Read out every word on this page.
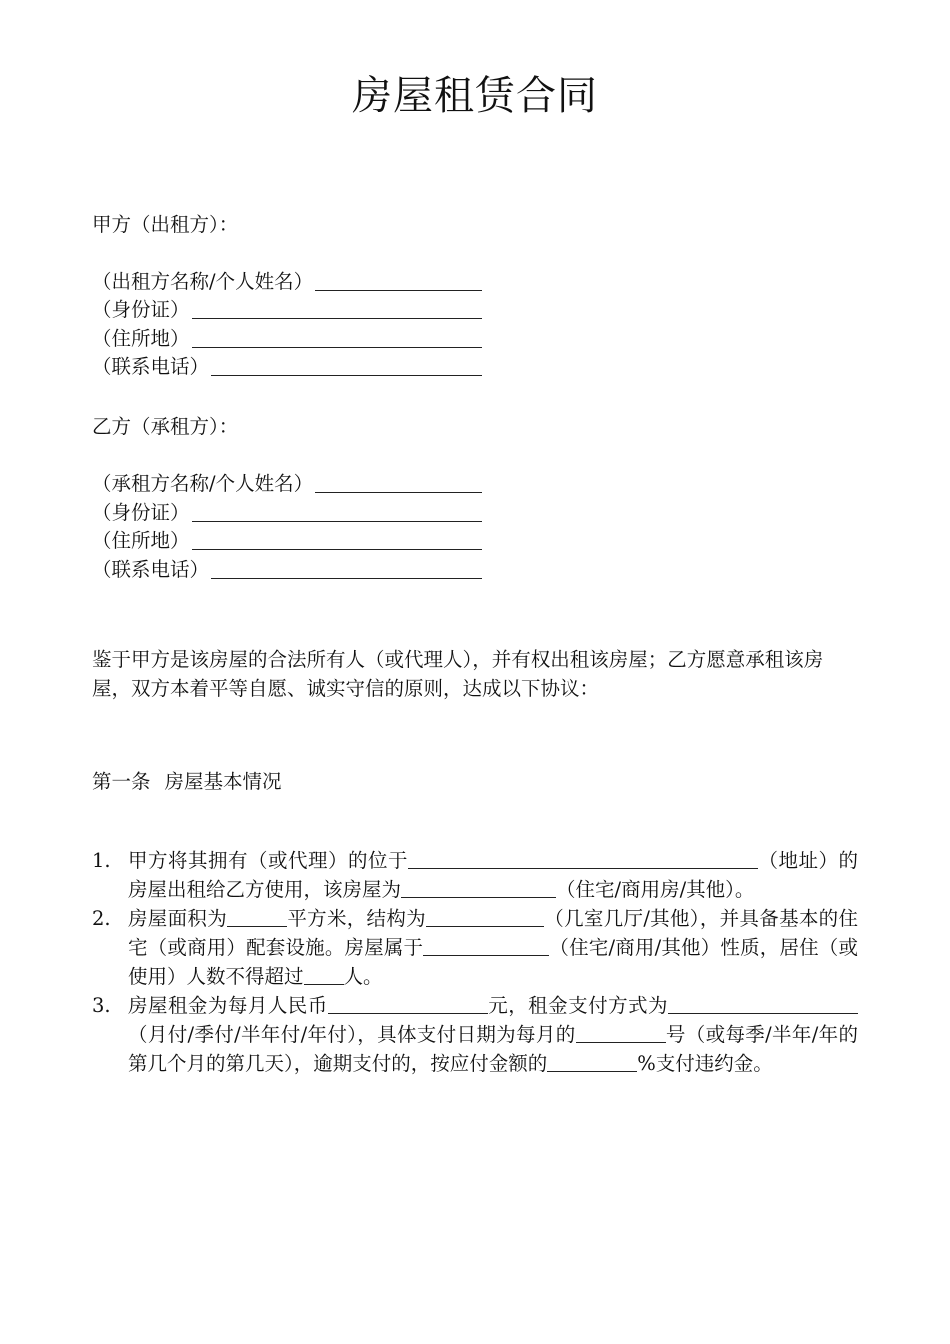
房屋租赁合同
甲方（出租方）：
（出租方名称/个人姓名）
（身份证）
（住所地）
（联系电话）
乙方（承租方）：
（承租方名称/个人姓名）
（身份证）
（住所地）
（联系电话）

鉴于甲方是该房屋的合法所有人（或代理人），并有权出租该房屋；乙方愿意承租该房屋，双方本着平等自愿、诚实守信的原则，达成以下协议：

第一条 房屋基本情况
1. 甲方将其拥有（或代理）的位于	（地址）的房屋出租给乙方使用，该房屋为	（住宅/商用房/其他）。
2. 房屋面积为	平方米，结构为	（几室几厅/其他），并具备基本的住宅（或商用）配套设施。房屋属于	（住宅/商用/其他）性质，居住（或使用）人数不得超过 人。
3. 房屋租金为每月人民币	元，租金支付方式为（月付/季付/半年付/年付），具体支付日期为每月的	号（或每季/半年/年的第几个月的第几天），逾期支付的，按应付金额的	%支付违约金。
